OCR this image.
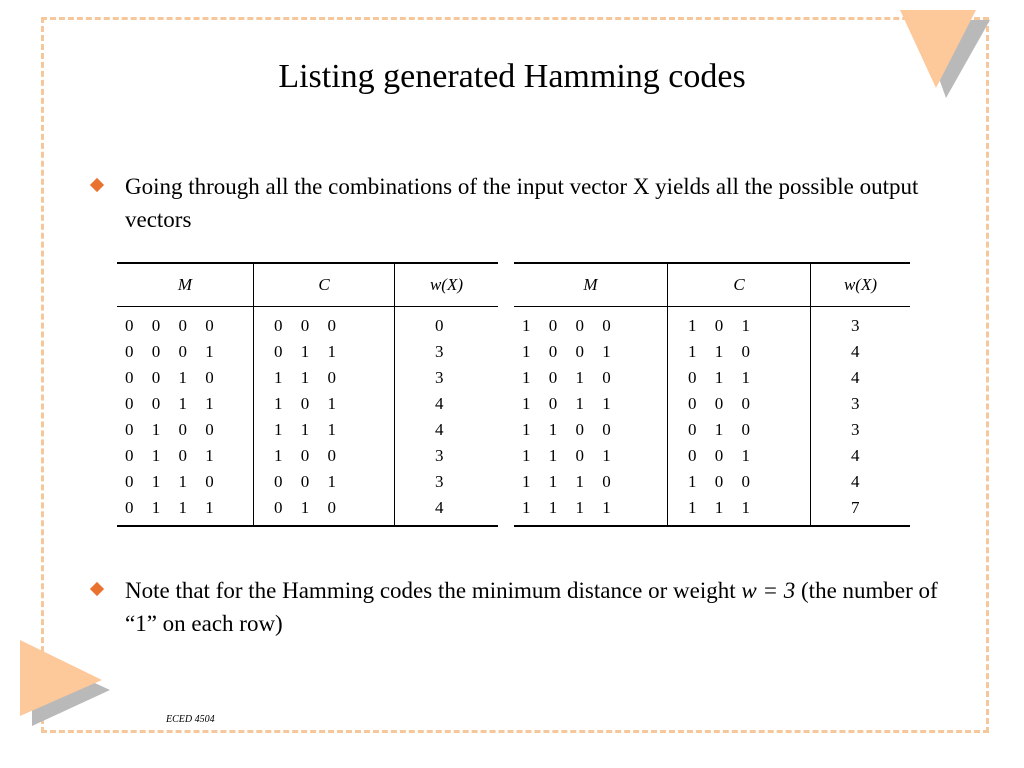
Listing generated Hamming codes
Going through all the combinations of the input vector X yields all the possible output vectors
M	C	w(X)
0 0 0 0	0 0 0	0
0 0 0 1	0 1 1	3
0 0 1 0	1 1 0	3
0 0 1 1	1 0 1	4
0 1 0 0	1 1 1	4
0 1 0 1	1 0 0	3
0 1 1 0	0 0 1	3
0 1 1 1	0 1 0	4
M	C	w(X)
1 0 0 0	1 0 1	3
1 0 0 1	1 1 0	4
1 0 1 0	0 1 1	4
1 0 1 1	0 0 0	3
1 1 0 0	0 1 0	3
1 1 0 1	0 0 1	4
1 1 1 0	1 0 0	4
1 1 1 1	1 1 1	7
Note that for the Hamming codes the minimum distance or weight w = 3 (the number of “1” on each row)
ECED 4504
